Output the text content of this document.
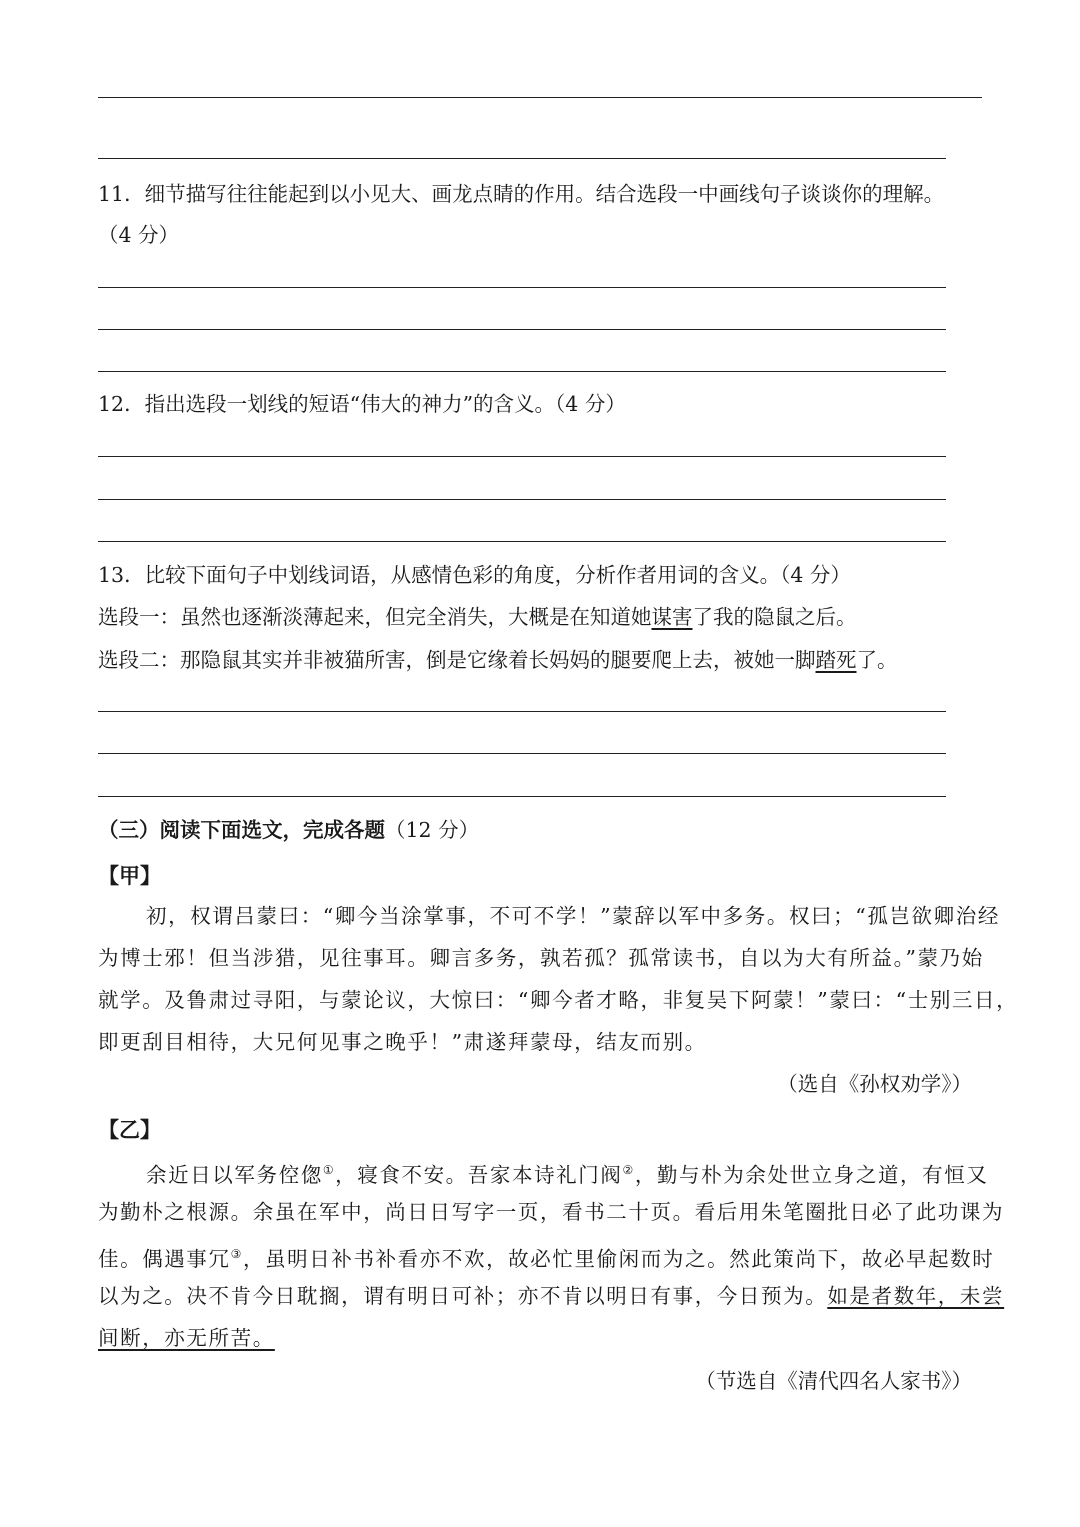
11．细节描写往往能起到以小见大、画龙点睛的作用。结合选段一中画线句子谈谈你的理解。
（4 分）
12．指出选段一划线的短语“伟大的神力”的含义。（4 分）
13．比较下面句子中划线词语，从感情色彩的角度，分析作者用词的含义。（4 分）
选段一：虽然也逐渐淡薄起来，但完全消失，大概是在知道她谋害了我的隐鼠之后。
选段二：那隐鼠其实并非被猫所害，倒是它缘着长妈妈的腿要爬上去，被她一脚踏死了。
（三）阅读下面选文，完成各题（12 分）
【甲】
初，权谓吕蒙曰：“卿今当涂掌事，不可不学！”蒙辞以军中多务。权曰；“孤岂欲卿治经
为博士邪！但当涉猎，见往事耳。卿言多务，孰若孤？孤常读书，自以为大有所益。”蒙乃始
就学。及鲁肃过寻阳，与蒙论议，大惊曰：“卿今者才略，非复吴下阿蒙！”蒙曰：“士别三日，
即更刮目相待，大兄何见事之晚乎！”肃遂拜蒙母，结友而别。
（选自《孙权劝学》）
【乙】
余近日以军务倥偬①，寝食不安。吾家本诗礼门阀②，勤与朴为余处世立身之道，有恒又
为勤朴之根源。余虽在军中，尚日日写字一页，看书二十页。看后用朱笔圈批日必了此功课为
佳。偶遇事冗③，虽明日补书补看亦不欢，故必忙里偷闲而为之。然此策尚下，故必早起数时
以为之。决不肯今日耽搁，谓有明日可补；亦不肯以明日有事，今日预为。如是者数年，未尝
间断，亦无所苦。
（节选自《清代四名人家书》）
